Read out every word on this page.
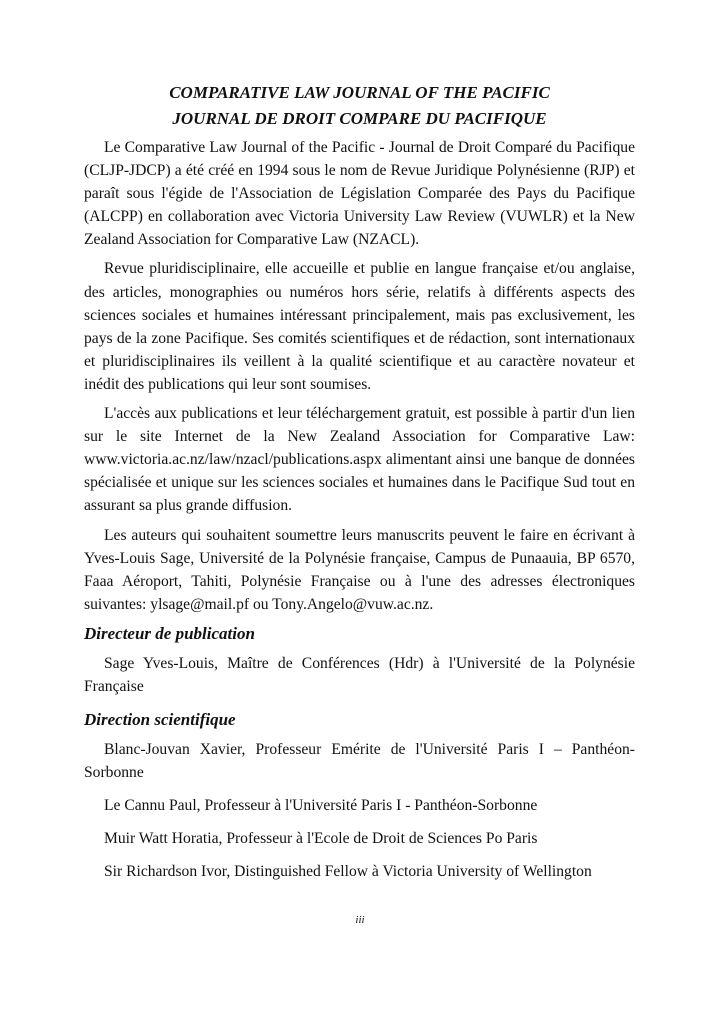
COMPARATIVE LAW JOURNAL OF THE PACIFIC
JOURNAL DE DROIT COMPARE DU PACIFIQUE

Le Comparative Law Journal of the Pacific - Journal de Droit Comparé du Pacifique (CLJP-JDCP) a été créé en 1994 sous le nom de Revue Juridique Polynésienne (RJP) et paraît sous l'égide de l'Association de Législation Comparée des Pays du Pacifique (ALCPP) en collaboration avec Victoria University Law Review (VUWLR) et la New Zealand Association for Comparative Law (NZACL).

Revue pluridisciplinaire, elle accueille et publie en langue française et/ou anglaise, des articles, monographies ou numéros hors série, relatifs à différents aspects des sciences sociales et humaines intéressant principalement, mais pas exclusivement, les pays de la zone Pacifique. Ses comités scientifiques et de rédaction, sont internationaux et pluridisciplinaires ils veillent à la qualité scientifique et au caractère novateur et inédit des publications qui leur sont soumises.

L'accès aux publications et leur téléchargement gratuit, est possible à partir d'un lien sur le site Internet de la New Zealand Association for Comparative Law: www.victoria.ac.nz/law/nzacl/publications.aspx alimentant ainsi une banque de données spécialisée et unique sur les sciences sociales et humaines dans le Pacifique Sud tout en assurant sa plus grande diffusion.

Les auteurs qui souhaitent soumettre leurs manuscrits peuvent le faire en écrivant à Yves-Louis Sage, Université de la Polynésie française, Campus de Punaauia, BP 6570, Faaa Aéroport, Tahiti, Polynésie Française ou à l'une des adresses électroniques suivantes: ylsage@mail.pf ou Tony.Angelo@vuw.ac.nz.

Directeur de publication

Sage Yves-Louis, Maître de Conférences (Hdr) à l'Université de la Polynésie Française

Direction scientifique

Blanc-Jouvan Xavier, Professeur Emérite de l'Université Paris I – Panthéon-Sorbonne

Le Cannu Paul, Professeur à l'Université Paris I - Panthéon-Sorbonne

Muir Watt Horatia, Professeur à l'Ecole de Droit de Sciences Po Paris

Sir Richardson Ivor, Distinguished Fellow à Victoria University of Wellington

iii
